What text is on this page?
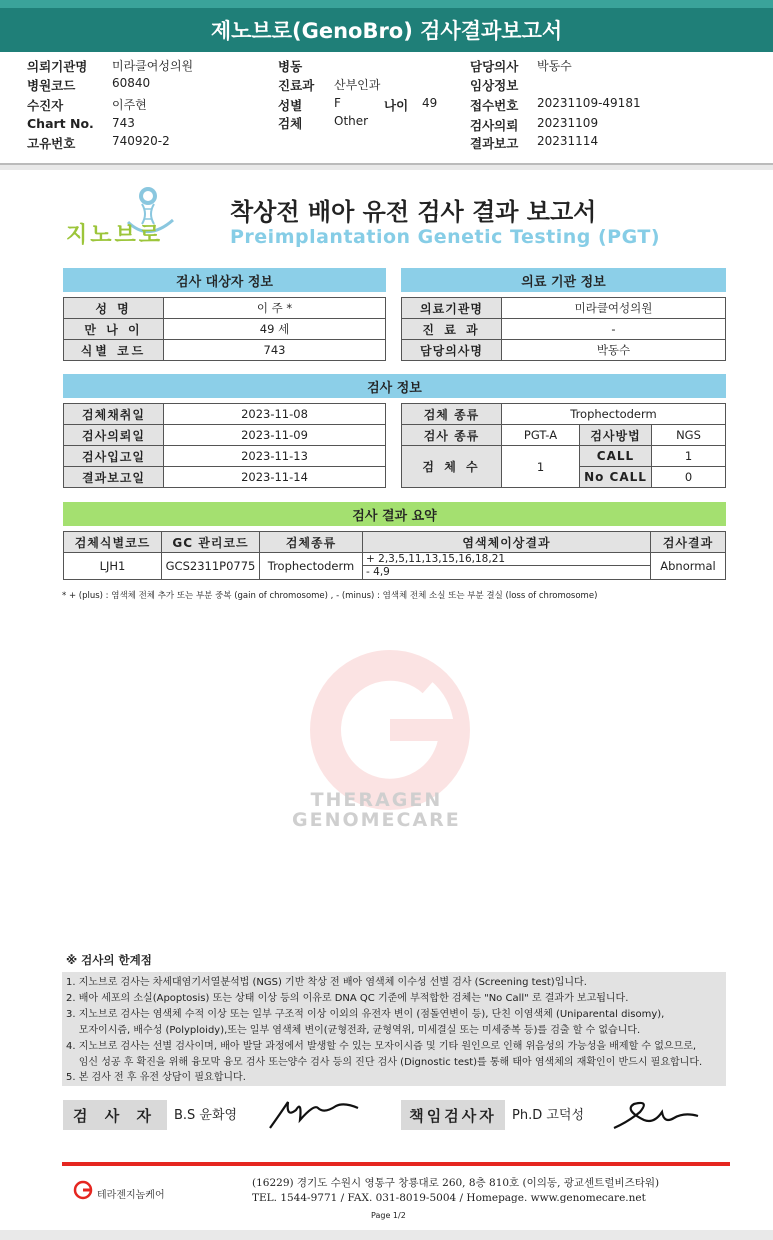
제노브로(GenoBro) 검사결과보고서
의뢰기관명 미라클여성의원
병원코드	60840
수진자	이주현
Chart No. 743
고유번호	740920-2
병동
진료과 산부인과
성별	F	나이 49
검체	Other
담당의사 박동수
임상정보
접수번호 20231109-49181
검사의뢰 20231109
결과보고 20231114
지노브로
착상전 배아 유전 검사 결과 보고서
Preimplantation Genetic Testing (PGT)
검사 대상자 정보
성 명	이 주 *
만 나 이	49 세
식별 코드	743
의료 기관 정보
의료기관명	미라클여성의원
진 료 과	-
담당의사명	박동수
검사 정보
검체채취일	2023-11-08
검사의뢰일	2023-11-09
검사입고일	2023-11-13
결과보고일	2023-11-14
검체 종류	Trophectoderm		
검사 종류	PGT-A	검사방법	NGS
검 체 수	1	CALL	1
		No CALL	0
검사 결과 요약
검체식별코드	GC 관리코드	검체종류	염색체이상결과	검사결과
LJH1	GCS2311P0775	Trophectoderm	+ 2,3,5,11,13,15,16,18,21
- 4,9	Abnormal
* + (plus) : 염색체 전체 추가 또는 부분 중복 (gain of chromosome) , - (minus) : 염색체 전체 소실 또는 부분 결실 (loss of chromosome)
THERAGEN
GENOMECARE
※ 검사의 한계점
1. 지노브로 검사는 차세대염기서열분석법 (NGS) 기반 착상 전 배아 염색체 이수성 선별 검사 (Screening test)입니다.
2. 배아 세포의 소실(Apoptosis) 또는 상태 이상 등의 이유로 DNA QC 기준에 부적합한 검체는 "No Call" 로 결과가 보고됩니다.
3. 지노브로 검사는 염색체 수적 이상 또는 일부 구조적 이상 이외의 유전자 변이 (점돌연변이 등), 단친 이염색체 (Uniparental disomy),
모자이시즘, 배수성 (Polyploidy),또는 일부 염색체 변이(균형전좌, 균형역위, 미세결실 또는 미세중복 등)를 검출 할 수 없습니다.
4. 지노브로 검사는 선별 검사이며, 배아 발달 과정에서 발생할 수 있는 모자이시즘 및 기타 원인으로 인해 위음성의 가능성을 배제할 수 없으므로,
임신 성공 후 확진을 위해 융모막 융모 검사 또는양수 검사 등의 진단 검사 (Dignostic test)를 통해 태아 염색체의 재확인이 반드시 필요합니다.
5. 본 검사 전 후 유전 상담이 필요합니다.
검 사 자	B.S 윤화영	책임검사자	Ph.D 고덕성
테라젠지놈케어
(16229) 경기도 수원시 영통구 창룡대로 260, 8층 810호 (이의동, 광교센트럴비즈타워)
TEL. 1544-9771 / FAX. 031-8019-5004 / Homepage. www.genomecare.net
Page 1/2
